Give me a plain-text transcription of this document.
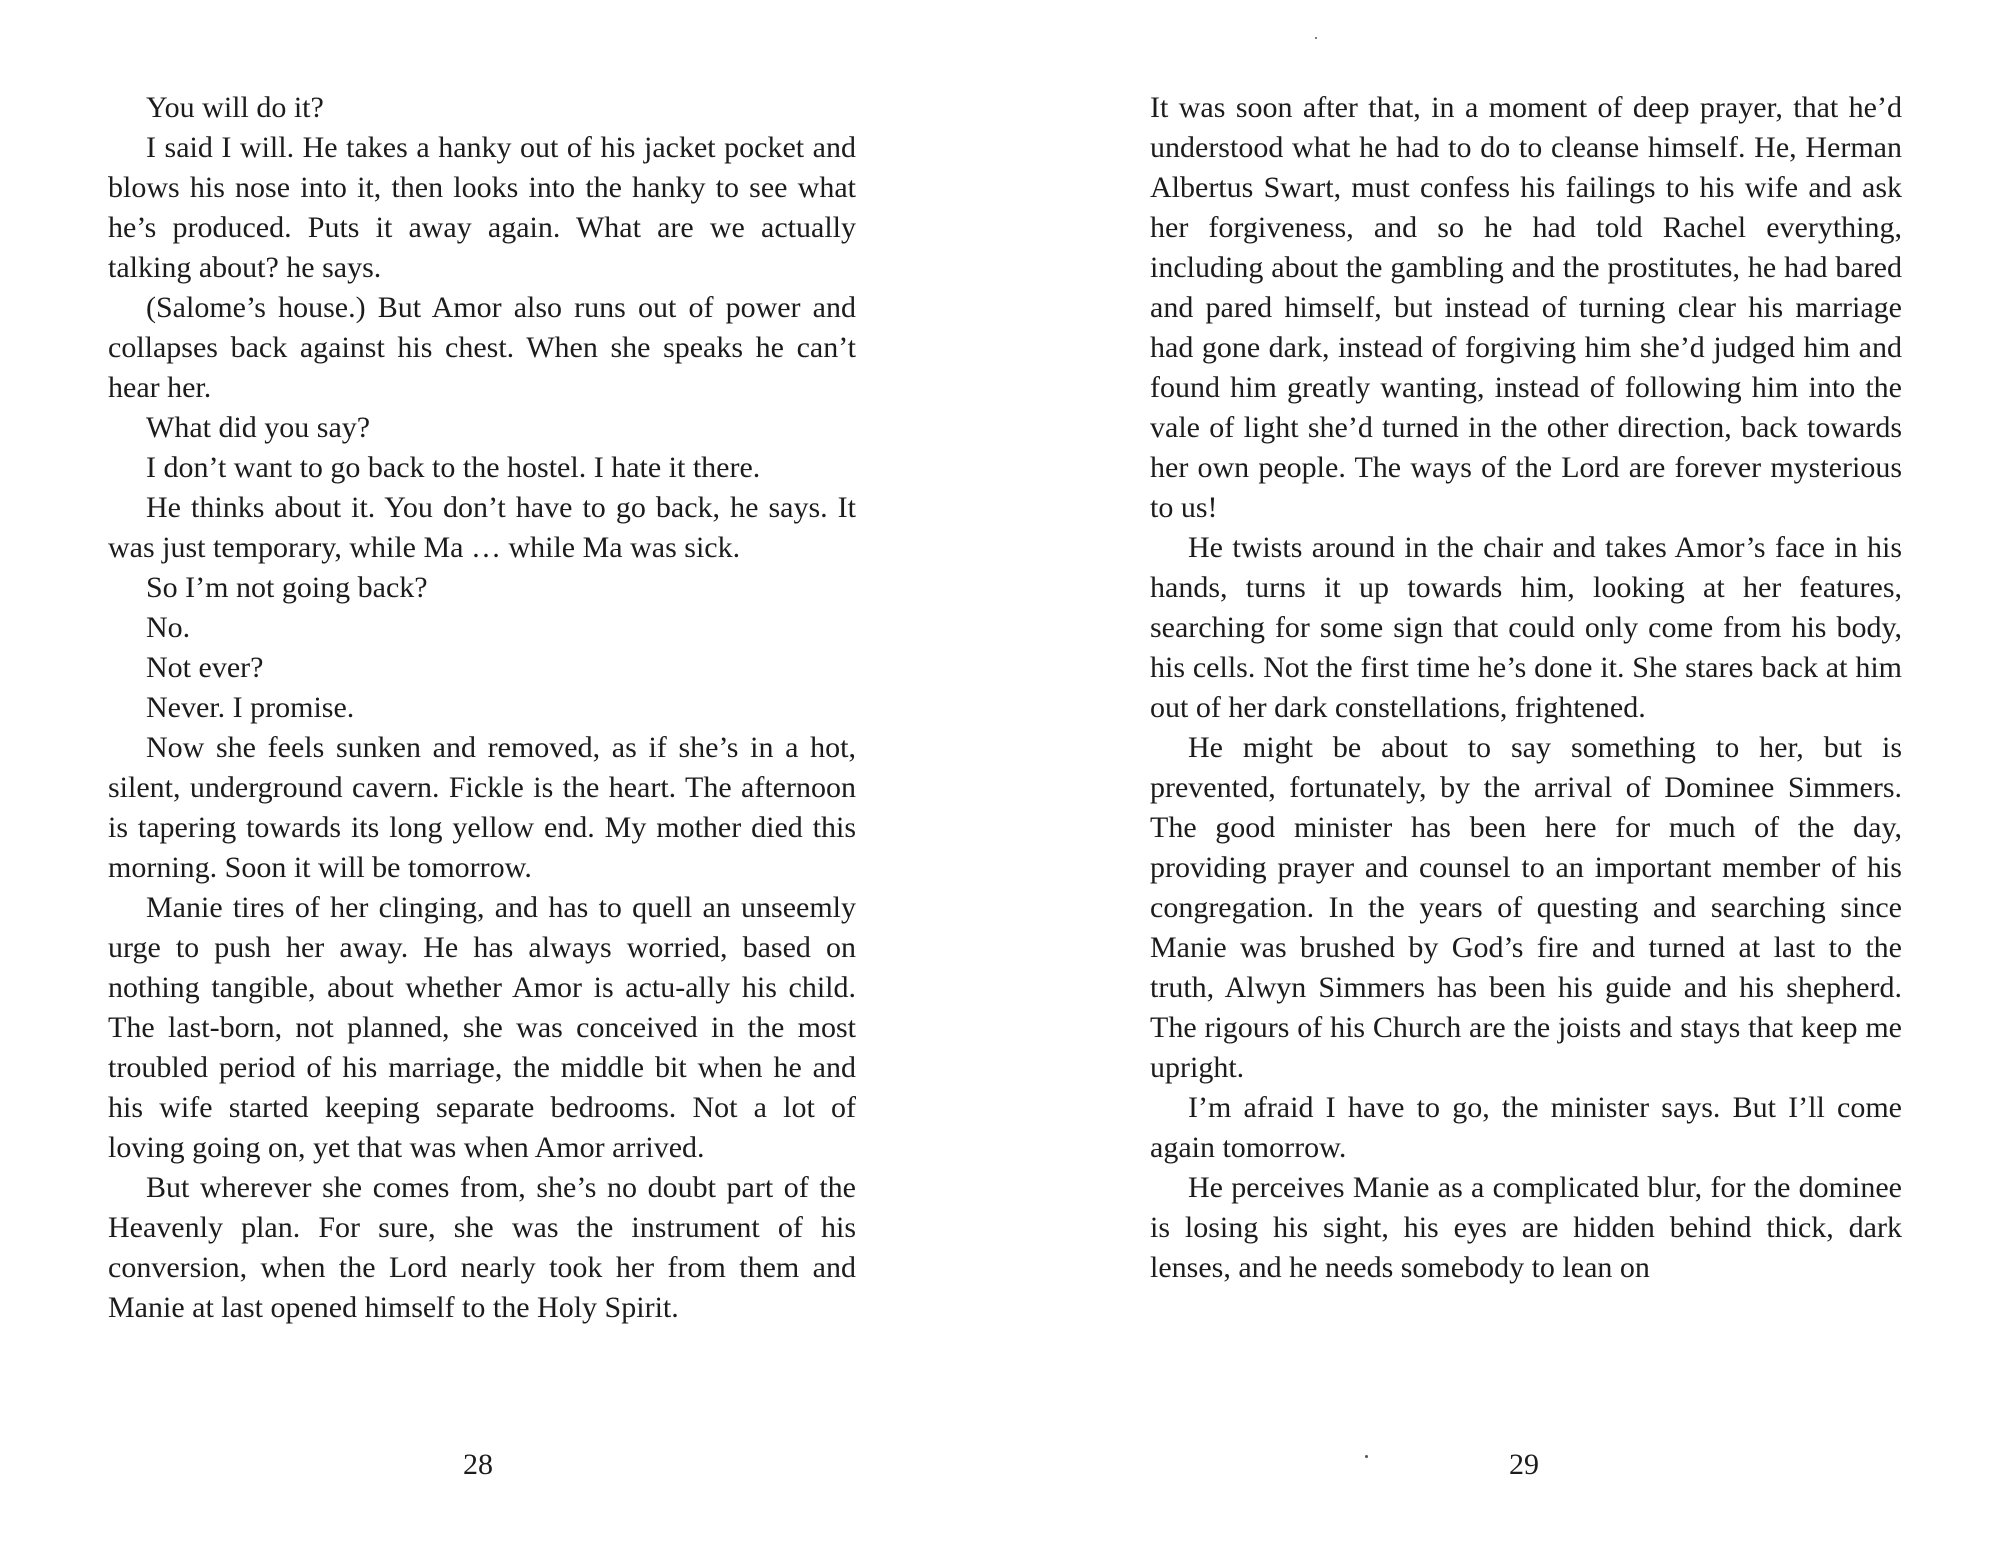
You will do it?

I said I will. He takes a hanky out of his jacket pocket and blows his nose into it, then looks into the hanky to see what he’s produced. Puts it away again. What are we actually talking about? he says.

(Salome’s house.) But Amor also runs out of power and collapses back against his chest. When she speaks he can’t hear her.

What did you say?

I don’t want to go back to the hostel. I hate it there.

He thinks about it. You don’t have to go back, he says. It was just temporary, while Ma … while Ma was sick.

So I’m not going back?

No.

Not ever?

Never. I promise.

Now she feels sunken and removed, as if she’s in a hot, silent, underground cavern. Fickle is the heart. The afternoon is tapering towards its long yellow end. My mother died this morning. Soon it will be tomorrow.

Manie tires of her clinging, and has to quell an unseemly urge to push her away. He has always worried, based on nothing tangible, about whether Amor is actu-ally his child. The last-born, not planned, she was conceived in the most troubled period of his marriage, the middle bit when he and his wife started keeping separate bedrooms. Not a lot of loving going on, yet that was when Amor arrived.

But wherever she comes from, she’s no doubt part of the Heavenly plan. For sure, she was the instrument of his conversion, when the Lord nearly took her from them and Manie at last opened himself to the Holy Spirit.

28

It was soon after that, in a moment of deep prayer, that he’d understood what he had to do to cleanse himself. He, Herman Albertus Swart, must confess his failings to his wife and ask her forgiveness, and so he had told Rachel everything, including about the gambling and the prostitutes, he had bared and pared himself, but instead of turning clear his marriage had gone dark, instead of forgiving him she’d judged him and found him greatly wanting, instead of following him into the vale of light she’d turned in the other direction, back towards her own people. The ways of the Lord are forever mysterious to us!

He twists around in the chair and takes Amor’s face in his hands, turns it up towards him, looking at her features, searching for some sign that could only come from his body, his cells. Not the first time he’s done it. She stares back at him out of her dark constellations, frightened.

He might be about to say something to her, but is prevented, fortunately, by the arrival of Dominee Simmers. The good minister has been here for much of the day, providing prayer and counsel to an important member of his congregation. In the years of questing and searching since Manie was brushed by God’s fire and turned at last to the truth, Alwyn Simmers has been his guide and his shepherd. The rigours of his Church are the joists and stays that keep me upright.

I’m afraid I have to go, the minister says. But I’ll come again tomorrow.

He perceives Manie as a complicated blur, for the dominee is losing his sight, his eyes are hidden behind thick, dark lenses, and he needs somebody to lean on

29
